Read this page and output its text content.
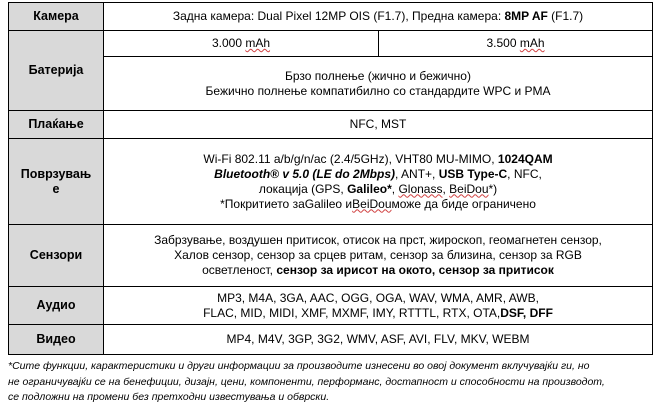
Камера	Задна камера: Dual Pixel 12MP OIS (F1.7), Предна камера: 8MP AF (F1.7)	
Батерија	3.000 mAh	3.500 mAh

	Брзо полнење (жично и бежично)
Бежично полнење компатибилно со стандардите WPC и PMA	

Плаќање	NFC, MST	
Поврзувањ е	Wi-Fi 802.11 a/b/g/n/ac (2.4/5GHz), VHT80 MU-MIMO, 1024QAM
Bluetooth® v 5.0 (LE do 2Mbps), ANT+, USB Type-C, NFC,
локација (GPS, Galileo*, Glonass, BeiDou*)
*Покритието заGalileo иBeiDouможе да биде ограничено	

Сензори	Забрзување, воздушен притисок, отисок на прст, жироскоп, геомагнетен сензор,
Халов сензор, сензор за срцев ритам, сензор за близина, сензор за RGB
осветленост, сензор за ирисот на окото, сензор за притисок	

Аудио	MP3, M4A, 3GA, AAC, OGG, OGA, WAV, WMA, AMR, AWB,
FLAC, MID, MIDI, XMF, MXMF, IMY, RTTTL, RTX, OTA,DSF, DFF	

Видео	MP4, M4V, 3GP, 3G2, WMV, ASF, AVI, FLV, MKV, WEBM	
*Сите функции, карактеристики и други информации за производите изнесени во овој документ вклучувајќи ги, но
не ограничувајќи се на бенефиции, дизајн, цени, компоненти, перформанс, достапност и способности на производот,
се подложни на промени без претходни известувања и обврски.
